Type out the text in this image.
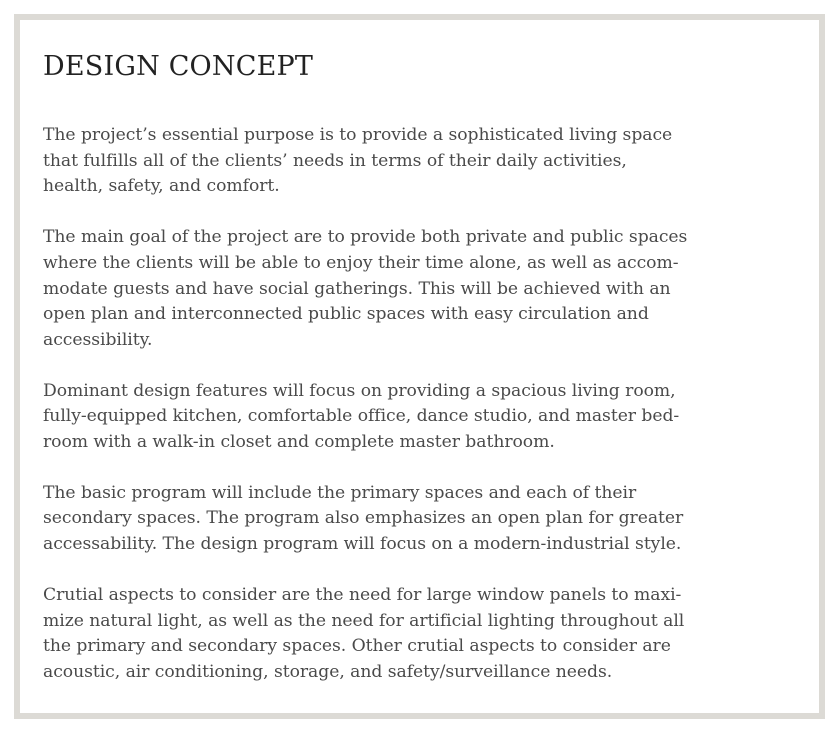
DESIGN CONCEPT

The project’s essential purpose is to provide a sophisticated living space
that fulfills all of the clients’ needs in terms of their daily activities,
health, safety, and comfort.

The main goal of the project are to provide both private and public spaces
where the clients will be able to enjoy their time alone, as well as accom-
modate guests and have social gatherings. This will be achieved with an
open plan and interconnected public spaces with easy circulation and
accessibility.

Dominant design features will focus on providing a spacious living room,
fully-equipped kitchen, comfortable office, dance studio, and master bed-
room with a walk-in closet and complete master bathroom.

The basic program will include the primary spaces and each of their
secondary spaces. The program also emphasizes an open plan for greater
accessability. The design program will focus on a modern-industrial style.

Crutial aspects to consider are the need for large window panels to maxi-
mize natural light, as well as the need for artificial lighting throughout all
the primary and secondary spaces. Other crutial aspects to consider are
acoustic, air conditioning, storage, and safety/surveillance needs.
